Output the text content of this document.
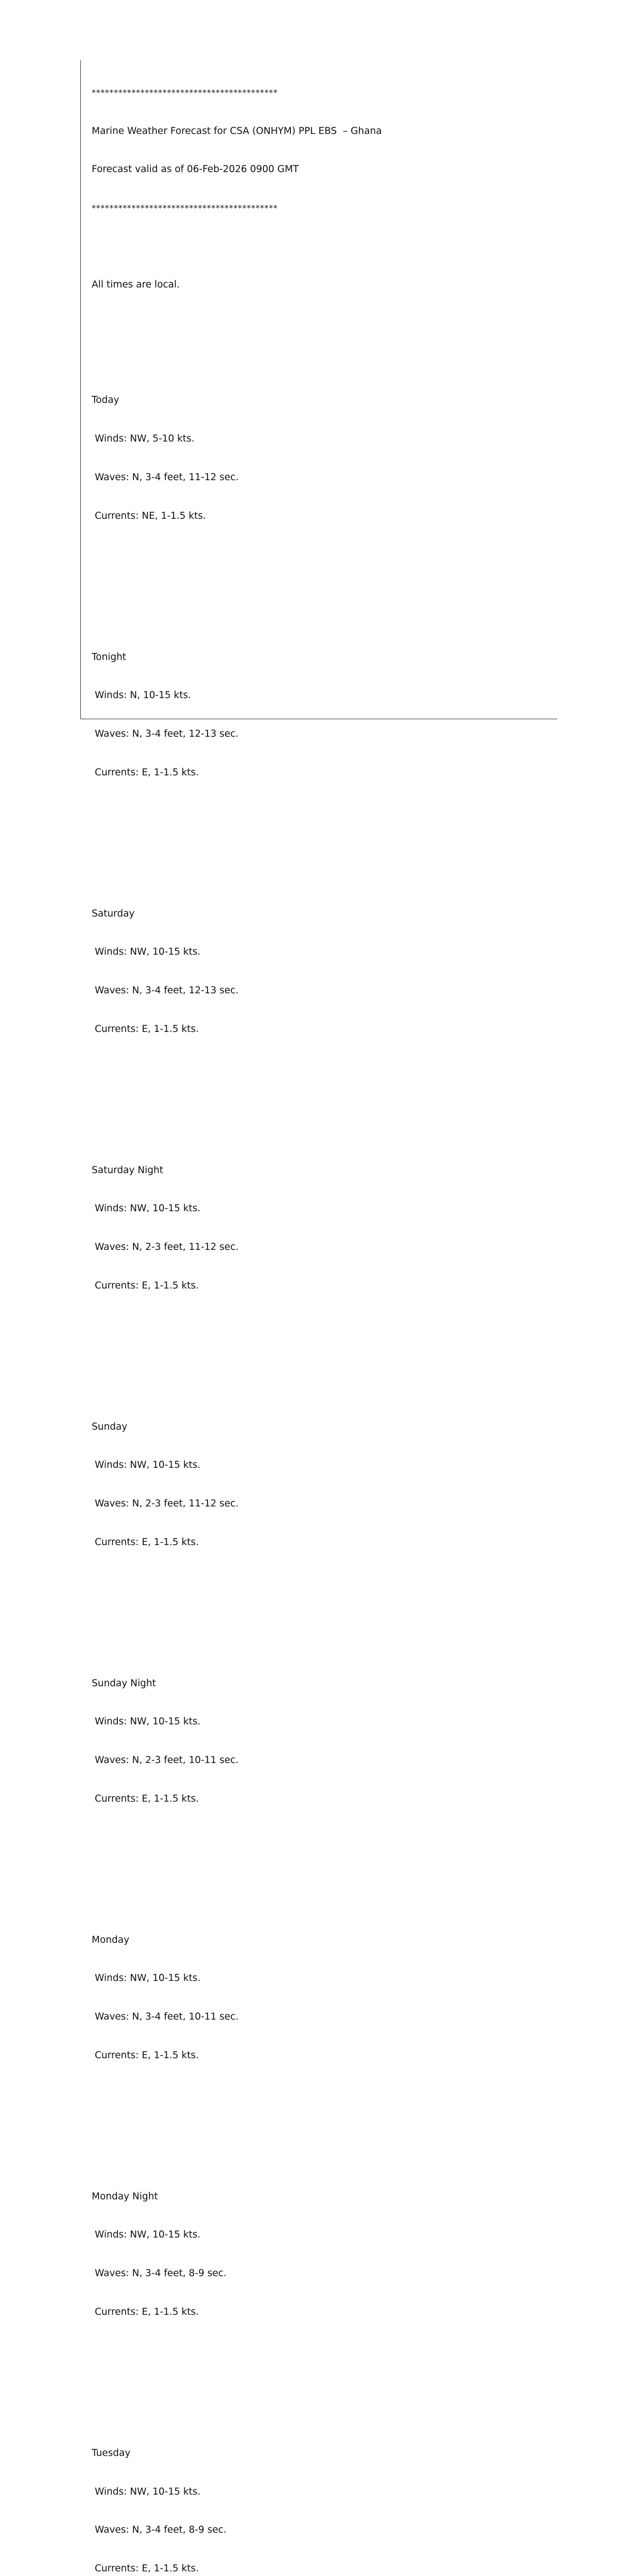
******************************************

Marine Weather Forecast for CSA (ONHYM) PPL EBS  – Ghana

Forecast valid as of 06-Feb-2026 0900 GMT

******************************************

All times are local.

Today

Winds: NW, 5-10 kts.

Waves: N, 3-4 feet, 11-12 sec.

Currents: NE, 1-1.5 kts.

Tonight

Winds: N, 10-15 kts.

Waves: N, 3-4 feet, 12-13 sec.

Currents: E, 1-1.5 kts.

Saturday

Winds: NW, 10-15 kts.

Waves: N, 3-4 feet, 12-13 sec.

Currents: E, 1-1.5 kts.

Saturday Night

Winds: NW, 10-15 kts.

Waves: N, 2-3 feet, 11-12 sec.

Currents: E, 1-1.5 kts.

Sunday

Winds: NW, 10-15 kts.

Waves: N, 2-3 feet, 11-12 sec.

Currents: E, 1-1.5 kts.

Sunday Night

Winds: NW, 10-15 kts.

Waves: N, 2-3 feet, 10-11 sec.

Currents: E, 1-1.5 kts.

Monday

Winds: NW, 10-15 kts.

Waves: N, 3-4 feet, 10-11 sec.

Currents: E, 1-1.5 kts.

Monday Night

Winds: NW, 10-15 kts.

Waves: N, 3-4 feet, 8-9 sec.

Currents: E, 1-1.5 kts.

Tuesday

Winds: NW, 10-15 kts.

Waves: N, 3-4 feet, 8-9 sec.

Currents: E, 1-1.5 kts.
